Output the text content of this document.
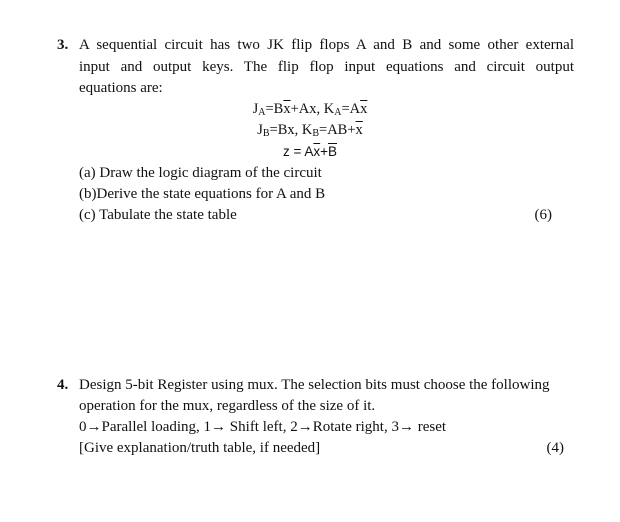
3. A sequential circuit has two JK flip flops A and B and some other external
input and output keys. The flip flop input equations and circuit output
equations are:
$J_A=B\overline{x}+Ax$, $K_A=A\overline{x}$
$J_B=Bx$, $K_B=AB+\overline{x}$
$z = A\overline{x}+\overline{B}$
(a) Draw the logic diagram of the circuit
(b)Derive the state equations for A and B
(c) Tabulate the state table	(6)
4. Design 5-bit Register using mux. The selection bits must choose the following
operation for the mux, regardless of the size of it.
0→Parallel loading, 1→ Shift left, 2→Rotate right, 3→ reset
[Give explanation/truth table, if needed]	(4)
